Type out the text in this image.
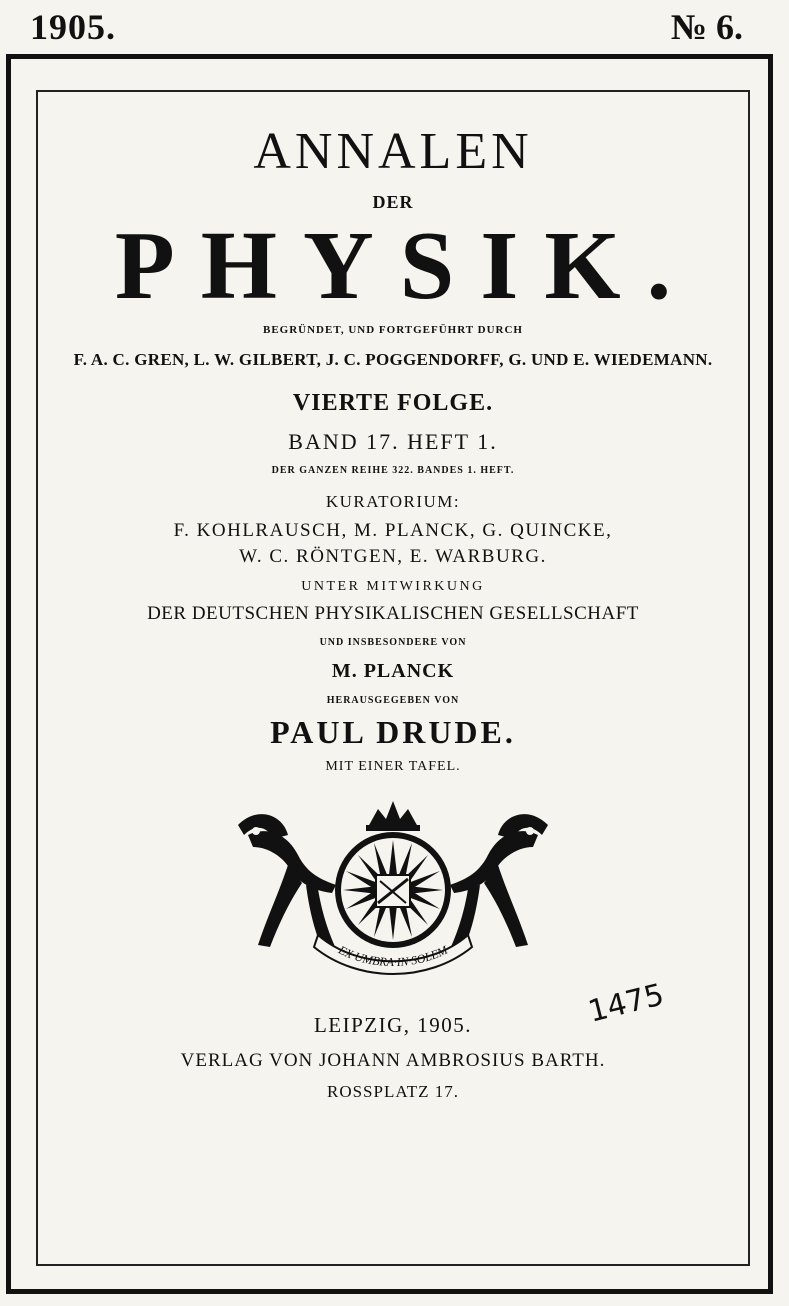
1905.	№ 6.
ANNALEN
DER
PHYSIK.
BEGRÜNDET, UND FORTGEFÜHRT DURCH
F. A. C. GREN, L. W. GILBERT, J. C. POGGENDORFF, G. UND E. WIEDEMANN.
VIERTE FOLGE.
BAND 17. HEFT 1.
DER GANZEN REIHE 322. BANDES 1. HEFT.
KURATORIUM:
F. KOHLRAUSCH, M. PLANCK, G. QUINCKE,
W. C. RÖNTGEN, E. WARBURG.
UNTER MITWIRKUNG
DER DEUTSCHEN PHYSIKALISCHEN GESELLSCHAFT
UND INSBESONDERE VON
M. PLANCK
HERAUSGEGEBEN VON
PAUL DRUDE.
MIT EINER TAFEL.
EX·UMBRA·IN·SOLEM
LEIPZIG, 1905.
VERLAG VON JOHANN AMBROSIUS BARTH.
ROSSPLATZ 17.
1475
